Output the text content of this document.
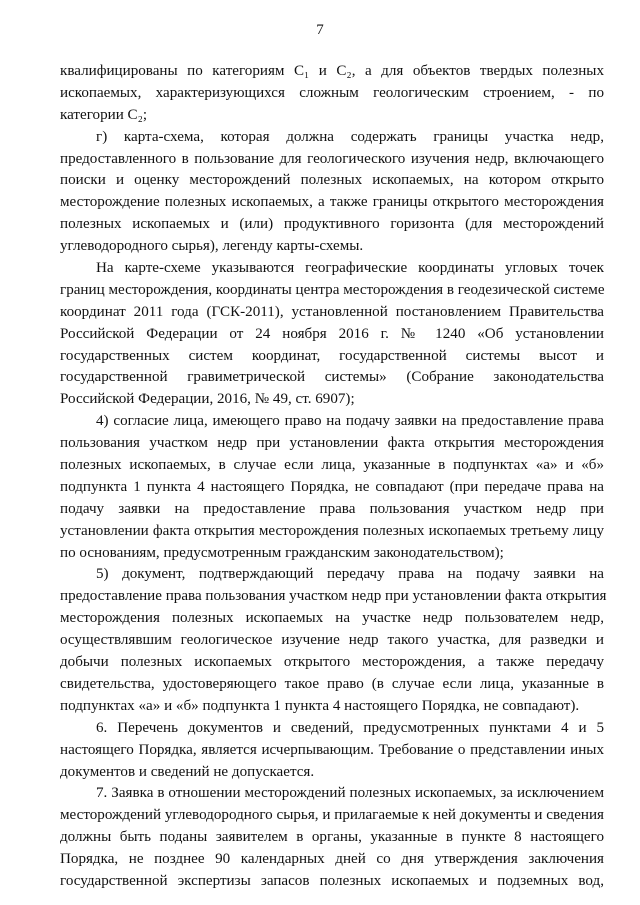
7
квалифицированы по категориям C₁ и C₂, а для объектов твердых полезных
ископаемых, характеризующихся сложным геологическим строением, - по
категории C₂;
г) карта-схема, которая должна содержать границы участка недр,
предоставленного в пользование для геологического изучения недр, включающего
поиски и оценку месторождений полезных ископаемых, на котором открыто
месторождение полезных ископаемых, а также границы открытого месторождения
полезных ископаемых и (или) продуктивного горизонта (для месторождений
углеводородного сырья), легенду карты-схемы.
На карте-схеме указываются географические координаты угловых точек
границ месторождения, координаты центра месторождения в геодезической системе
координат 2011 года (ГСК-2011), установленной постановлением Правительства
Российской Федерации от 24 ноября 2016 г. № 1240 «Об установлении
государственных систем координат, государственной системы высот и
государственной гравиметрической системы» (Собрание законодательства
Российской Федерации, 2016, № 49, ст. 6907);
4) согласие лица, имеющего право на подачу заявки на предоставление права
пользования участком недр при установлении факта открытия месторождения
полезных ископаемых, в случае если лица, указанные в подпунктах «а» и «б»
подпункта 1 пункта 4 настоящего Порядка, не совпадают (при передаче права на
подачу заявки на предоставление права пользования участком недр при
установлении факта открытия месторождения полезных ископаемых третьему лицу
по основаниям, предусмотренным гражданским законодательством);
5) документ, подтверждающий передачу права на подачу заявки на
предоставление права пользования участком недр при установлении факта открытия
месторождения полезных ископаемых на участке недр пользователем недр,
осуществлявшим геологическое изучение недр такого участка, для разведки и
добычи полезных ископаемых открытого месторождения, а также передачу
свидетельства, удостоверяющего такое право (в случае если лица, указанные в
подпунктах «а» и «б» подпункта 1 пункта 4 настоящего Порядка, не совпадают).
6. Перечень документов и сведений, предусмотренных пунктами 4 и 5
настоящего Порядка, является исчерпывающим. Требование о представлении иных
документов и сведений не допускается.
7. Заявка в отношении месторождений полезных ископаемых, за исключением
месторождений углеводородного сырья, и прилагаемые к ней документы и сведения
должны быть поданы заявителем в органы, указанные в пункте 8 настоящего
Порядка, не позднее 90 календарных дней со дня утверждения заключения
государственной экспертизы запасов полезных ископаемых и подземных вод,
